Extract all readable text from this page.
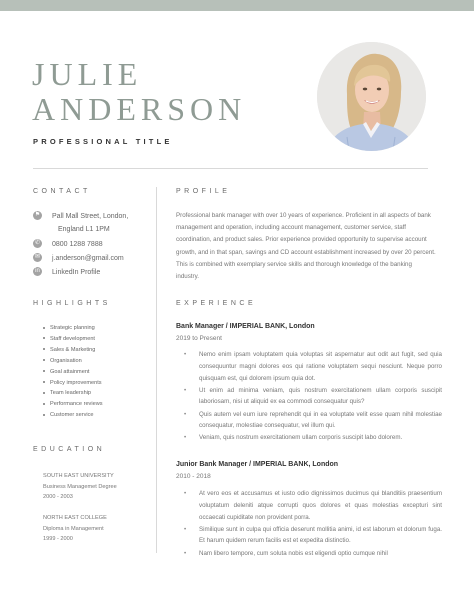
JULIE
ANDERSON
PROFESSIONAL TITLE
CONTACT
⚑ Pall Mall Street, London,
England L1 1PM
✆ 0800 1288 7888
✉ j.anderson@gmail.com
in	LinkedIn Profile
HIGHLIGHTS
Strategic planning
Staff development
Sales & Marketing
Organisation
Goal attainment
Policy improvements
Team leadership
Performance reviews
Customer service
EDUCATION
SOUTH EAST UNIVERSITY
Business Managemet Degree
2000 - 2003
NORTH EAST COLLEGE
Diploma in Management
1999 - 2000
PROFILE
Professional bank manager with over 10 years of experience. Proficient in all aspects of bank management and operation, including account management, customer service, staff coordination, and product sales. Prior experience provided opportunity to supervise account growth, and in that span, savings and CD account establishment increased by over 20 percent. This is combined with exemplary service skills and thorough knowledge of the banking industry.
EXPERIENCE
Bank Manager / IMPERIAL BANK, London
2019 to Present
• Nemo enim ipsam voluptatem quia voluptas sit aspernatur aut odit aut fugit, sed quia consequuntur magni dolores eos qui ratione voluptatem sequi nesciunt. Neque porro quisquam est, qui dolorem ipsum quia dot.
• Ut enim ad minima veniam, quis nostrum exercitationem ullam corporis suscipit laboriosam, nisi ut aliquid ex ea commodi consequatur quis?
• Quis autem vel eum iure reprehendit qui in ea voluptate velit esse quam nihil molestiae consequatur, molestiae consequatur, vel illum qui.
• Veniam, quis nostrum exercitationem ullam corporis suscipit labo dolorem.
Junior Bank Manager / IMPERIAL BANK, London
2010 - 2018
• At vero eos et accusamus et iusto odio dignissimos ducimus qui blanditiis praesentium voluptatum deleniti atque corrupti quos dolores et quas molestias excepturi sint occaecati cupiditate non provident porra.
• Similique sunt in culpa qui officia deserunt mollitia animi, id est laborum et dolorum fuga. Et harum quidem rerum facilis est et expedita distinctio.
• Nam libero tempore, cum soluta nobis est eligendi optio cumque nihil
